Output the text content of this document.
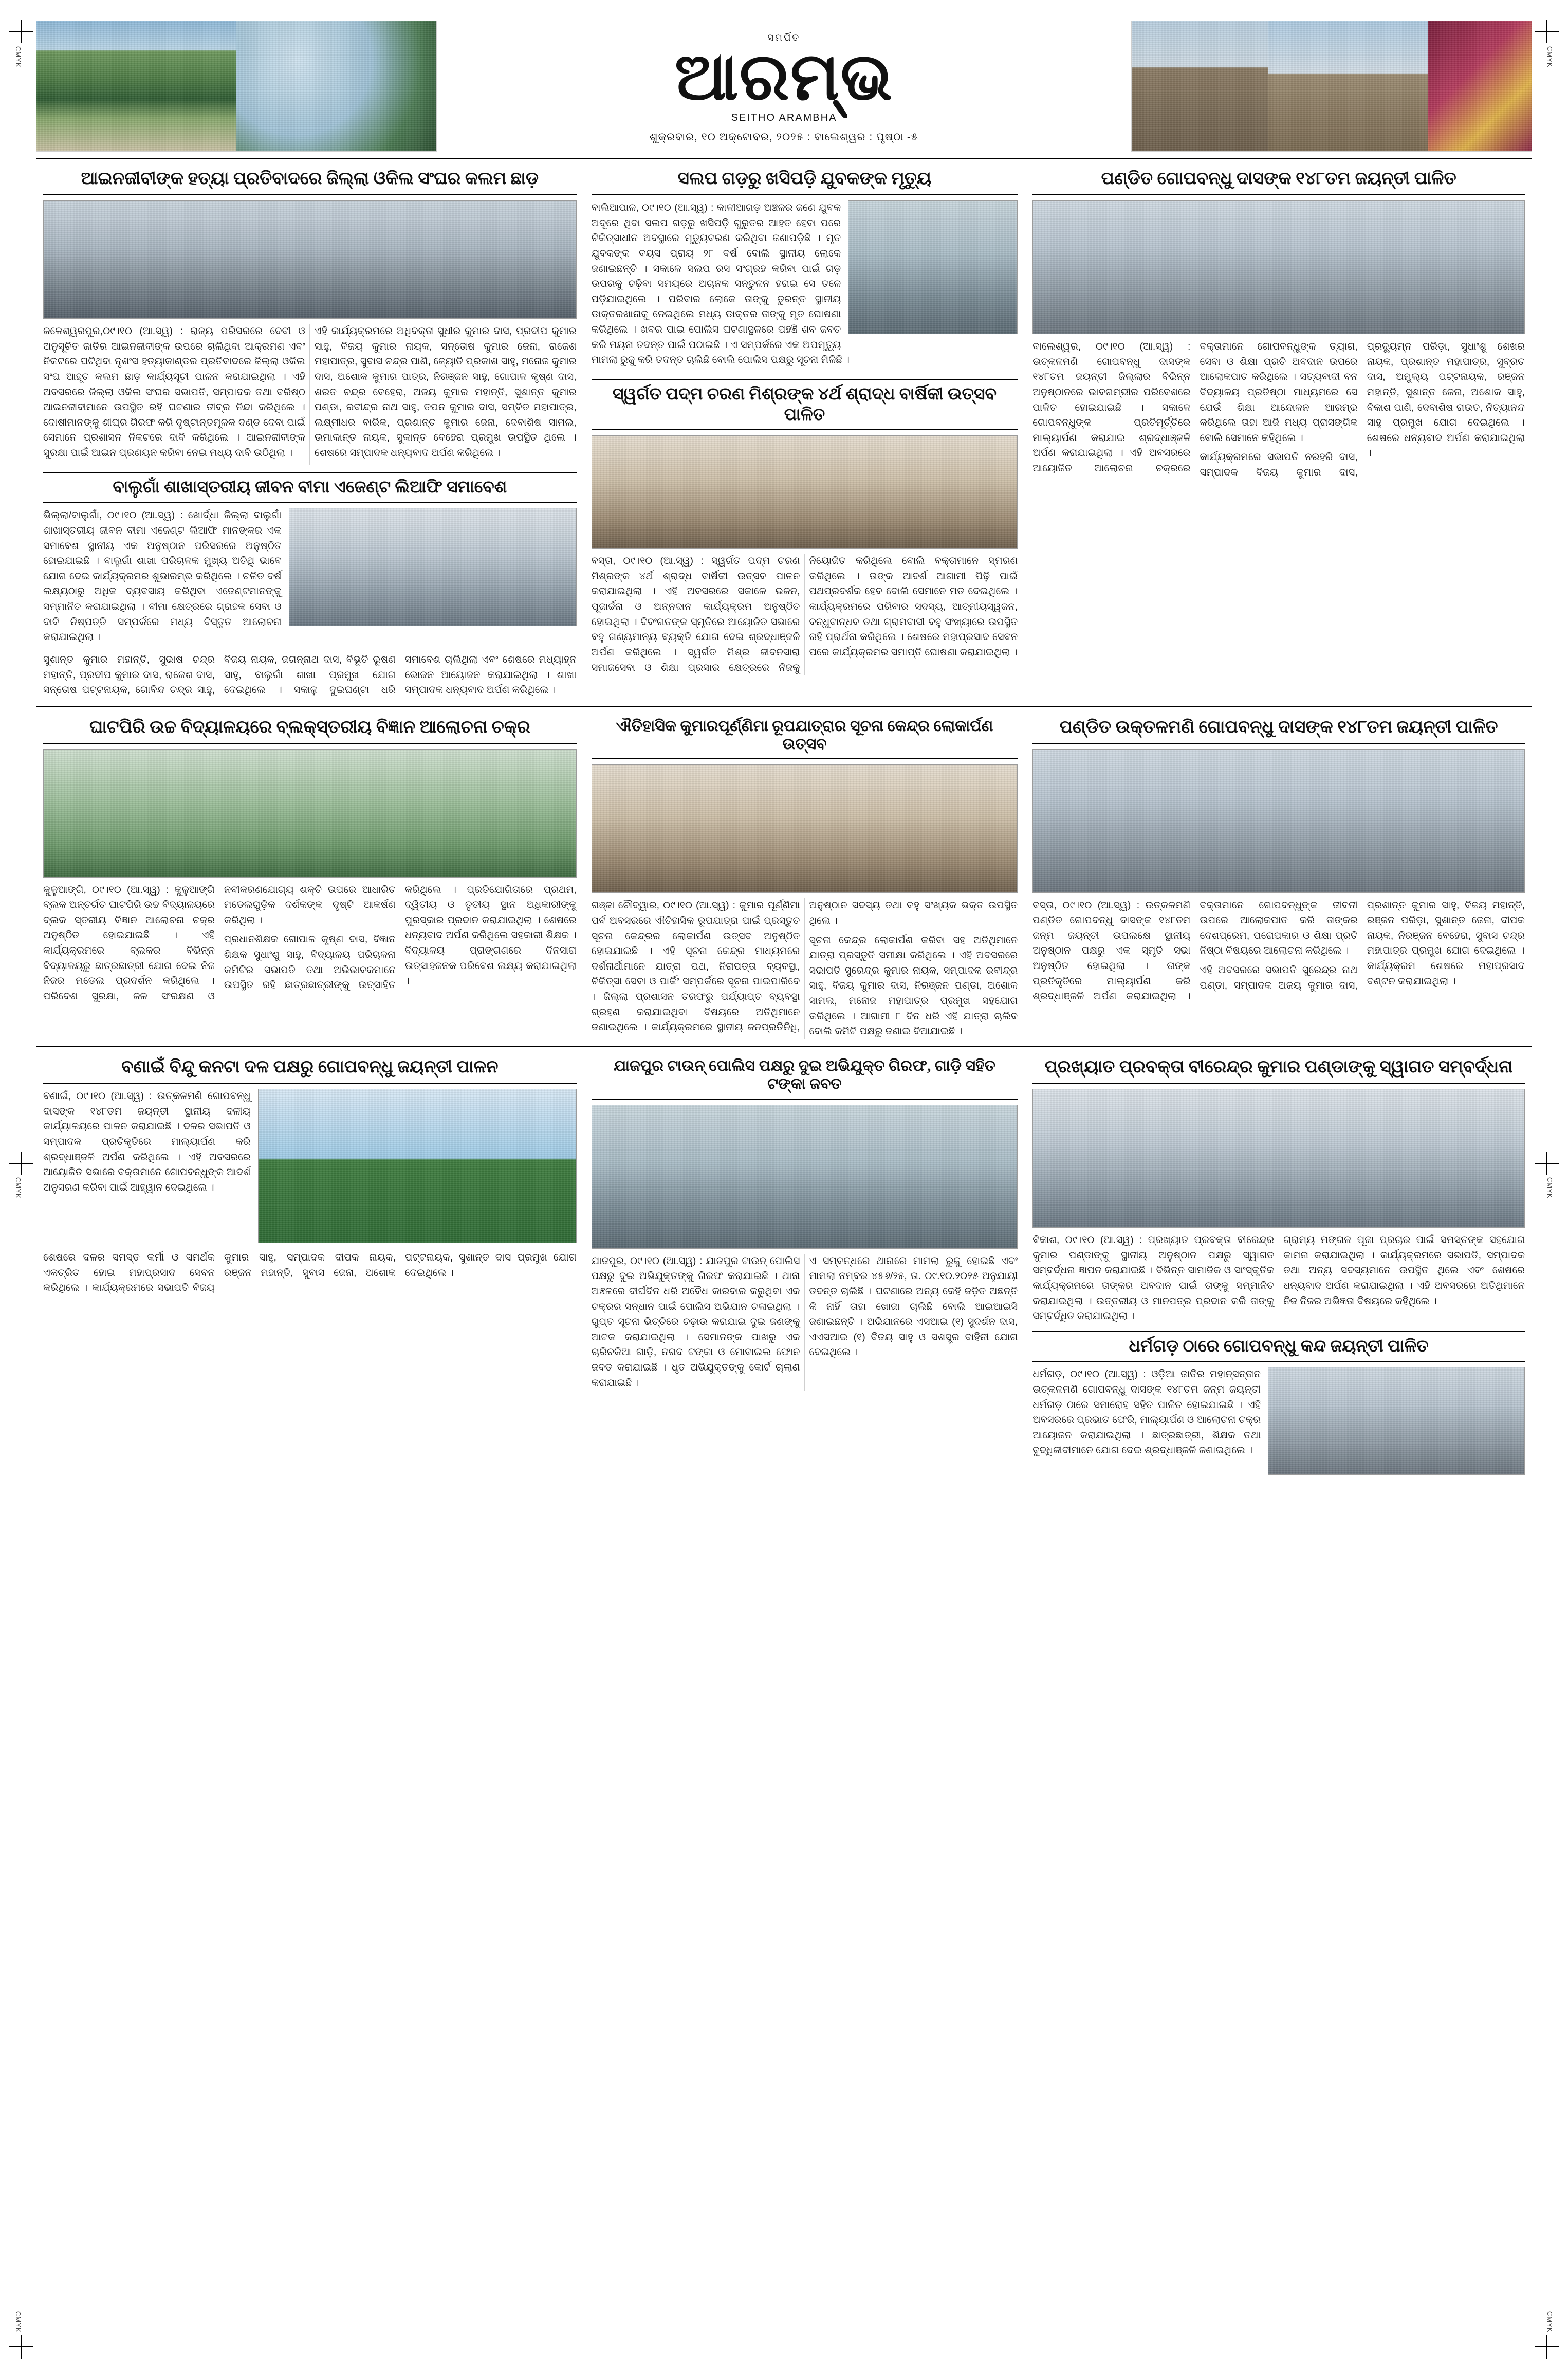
CMYK	CMYK
CMYK	CMYK
CMYK	CMYK
ସମର୍ପିତ
ଆରମ୍ଭ
SEITHO ARAMBHA
ଶୁକ୍ରବାର, ୧୦ ଅକ୍ଟୋବର, ୨୦୨୫ : ବାଲେଶ୍ୱର : ପୃଷ୍ଠା -୫
ଆଇନଜୀବୀଙ୍କ ହତ୍ୟା ପ୍ରତିବାଦରେ ଜିଲ୍ଲା ଓକିଲ ସଂଘର କଲମ ଛାଡ଼

ଜଳେଶ୍ୱରପୁର,୦୯।୧୦ (ଆ.ସ୍ୱ) : ରାଜ୍ୟ ପରିସରରେ ଦେବୀ ଓ ଅନୁସୂଚିତ ଜାତିର ଆଇନଜୀବୀଙ୍କ ଉପରେ ଚାଲିଥିବା ଆକ୍ରମଣ ଏବଂ ନିକଟରେ ଘଟିଥିବା ନୃଶଂସ ହତ୍ୟାକାଣ୍ଡର ପ୍ରତିବାଦରେ ଜିଲ୍ଲା ଓକିଲ ସଂଘ ଆହୂତ କଲମ ଛାଡ଼ କାର୍ଯ୍ୟସୂଚୀ ପାଳନ କରାଯାଇଥିଲା । ଏହି ଅବସରରେ ଜିଲ୍ଲା ଓକିଲ ସଂଘର ସଭାପତି, ସମ୍ପାଦକ ତଥା ବରିଷ୍ଠ ଆଇନଜୀବୀମାନେ ଉପସ୍ଥିତ ରହି ଘଟଣାର ତୀବ୍ର ନିନ୍ଦା କରିଥିଲେ । ଦୋଷୀମାନଙ୍କୁ ଶୀଘ୍ର ଗିରଫ କରି ଦୃଷ୍ଟାନ୍ତମୂଳକ ଦଣ୍ଡ ଦେବା ପାଇଁ ସେମାନେ ପ୍ରଶାସନ ନିକଟରେ ଦାବି କରିଥିଲେ । ଆଇନଜୀବୀଙ୍କ ସୁରକ୍ଷା ପାଇଁ ଆଇନ ପ୍ରଣୟନ କରିବା ନେଇ ମଧ୍ୟ ଦାବି ଉଠିଥିଲା ।

ଏହି କାର୍ଯ୍ୟକ୍ରମରେ ଅଧିବକ୍ତା ସୁଧୀର କୁମାର ଦାସ, ପ୍ରଦୀପ କୁମାର ସାହୁ, ବିଜୟ କୁମାର ନାୟକ, ସନ୍ତୋଷ କୁମାର ଜେନା, ରାଜେଶ ମହାପାତ୍ର, ସୁବାସ ଚନ୍ଦ୍ର ପାଣି, ଜ୍ୟୋତି ପ୍ରକାଶ ସାହୁ, ମନୋଜ କୁମାର ଦାସ, ଅଶୋକ କୁମାର ପାତ୍ର, ନିରଞ୍ଜନ ସାହୁ, ଗୋପାଳ କୃଷ୍ଣ ଦାସ, ଶରତ ଚନ୍ଦ୍ର ବେହେରା, ଅଜୟ କୁମାର ମହାନ୍ତି, ସୁଶାନ୍ତ କୁମାର ପଣ୍ଡା, ରବୀନ୍ଦ୍ର ନାଥ ସାହୁ, ତପନ କୁମାର ଦାସ, ସମ୍ବିତ ମହାପାତ୍ର, ଲକ୍ଷ୍ମୀଧର ବାରିକ, ପ୍ରଶାନ୍ତ କୁମାର ଜେନା, ଦେବାଶିଷ ସାମଲ, ଉମାକାନ୍ତ ନାୟକ, ସୁକାନ୍ତ ବେହେରା ପ୍ରମୁଖ ଉପସ୍ଥିତ ଥିଲେ । ଶେଷରେ ସମ୍ପାଦକ ଧନ୍ୟବାଦ ଅର୍ପଣ କରିଥିଲେ ।

ବାଲୁଗାଁ ଶାଖାସ୍ତରୀୟ ଜୀବନ ବୀମା ଏଜେଣ୍ଟ ଲିଆଫି ସମାବେଶ

ଭିଲ୍ଲା/ବାଲୁଗାଁ, ୦୯।୧୦ (ଆ.ସ୍ୱ) : ଖୋର୍ଦ୍ଧା ଜିଲ୍ଲା ବାଲୁଗାଁ ଶାଖାସ୍ତରୀୟ ଜୀବନ ବୀମା ଏଜେଣ୍ଟ ଲିଆଫି ମାନଙ୍କର ଏକ ସମାବେଶ ସ୍ଥାନୀୟ ଏକ ଅନୁଷ୍ଠାନ ପରିସରରେ ଅନୁଷ୍ଠିତ ହୋଇଯାଇଛି । ବାଲୁଗାଁ ଶାଖା ପରିଚାଳକ ମୁଖ୍ୟ ଅତିଥି ଭାବେ ଯୋଗ ଦେଇ କାର୍ଯ୍ୟକ୍ରମର ଶୁଭାରମ୍ଭ କରିଥିଲେ । ଚଳିତ ବର୍ଷ ଲକ୍ଷ୍ୟଠାରୁ ଅଧିକ ବ୍ୟବସାୟ କରିଥିବା ଏଜେଣ୍ଟମାନଙ୍କୁ ସମ୍ମାନିତ କରାଯାଇଥିଲା । ବୀମା କ୍ଷେତ୍ରରେ ଗ୍ରାହକ ସେବା ଓ ଦାବି ନିଷ୍ପତ୍ତି ସମ୍ପର୍କରେ ମଧ୍ୟ ବିସ୍ତୃତ ଆଲୋଚନା କରାଯାଇଥିଲା ।

ସୁଶାନ୍ତ କୁମାର ମହାନ୍ତି, ସୁଭାଷ ଚନ୍ଦ୍ର ମହାନ୍ତି, ପ୍ରଦୀପ କୁମାର ଦାସ, ରାଜେଶ ଦାସ, ସନ୍ତୋଷ ପଟ୍ଟନାୟକ, ଗୋବିନ୍ଦ ଚନ୍ଦ୍ର ସାହୁ, ବିଜୟ ନାୟକ, ଜଗନ୍ନାଥ ଦାସ, ବିଭୂତି ଭୂଷଣ ସାହୁ, ବାଲୁଗାଁ ଶାଖା ପ୍ରମୁଖ ଯୋଗ ଦେଇଥିଲେ । ସକାଳୁ ଦୁଇଘଣ୍ଟା ଧରି ସମାବେଶ ଚାଲିଥିଲା ଏବଂ ଶେଷରେ ମଧ୍ୟାହ୍ନ ଭୋଜନ ଆୟୋଜନ କରାଯାଇଥିଲା । ଶାଖା ସମ୍ପାଦକ ଧନ୍ୟବାଦ ଅର୍ପଣ କରିଥିଲେ ।

ସଲପ ଗଡ଼ରୁ ଖସିପଡ଼ି ଯୁବକଙ୍କ ମୃତ୍ୟୁ

ବାଲିଆପାଳ, ୦୯।୧୦ (ଆ.ସ୍ୱ) : କାଳୀଆଗଡ଼ ଅଞ୍ଚଳର ଜଣେ ଯୁବକ ଅଦୂରେ ଥିବା ସଲପ ଗଡ଼ରୁ ଖସିପଡ଼ି ଗୁରୁତର ଆହତ ହେବା ପରେ ଚିକିତ୍ସାଧୀନ ଅବସ୍ଥାରେ ମୃତ୍ୟୁବରଣ କରିଥିବା ଜଣାପଡ଼ିଛି । ମୃତ ଯୁବକଙ୍କ ବୟସ ପ୍ରାୟ ୨୮ ବର୍ଷ ବୋଲି ସ୍ଥାନୀୟ ଲୋକେ ଜଣାଇଛନ୍ତି । ସକାଳେ ସଲପ ରସ ସଂଗ୍ରହ କରିବା ପାଇଁ ଗଡ଼ ଉପରକୁ ଚଢ଼ିବା ସମୟରେ ଅଚାନକ ସନ୍ତୁଳନ ହରାଇ ସେ ତଳେ ପଡ଼ିଯାଇଥିଲେ । ପରିବାର ଲୋକେ ତାଙ୍କୁ ତୁରନ୍ତ ସ୍ଥାନୀୟ ଡାକ୍ତରଖାନାକୁ ନେଇଥିଲେ ମଧ୍ୟ ଡାକ୍ତର ତାଙ୍କୁ ମୃତ ଘୋଷଣା କରିଥିଲେ । ଖବର ପାଇ ପୋଲିସ ଘଟଣାସ୍ଥଳରେ ପହଞ୍ଚି ଶବ ଜବତ କରି ମୟନା ତଦନ୍ତ ପାଇଁ ପଠାଇଛି । ଏ ସମ୍ପର୍କରେ ଏକ ଅପମୃତ୍ୟୁ ମାମଲା ରୁଜୁ କରି ତଦନ୍ତ ଚାଲିଛି ବୋଲି ପୋଲିସ ପକ୍ଷରୁ ସୂଚନା ମିଳିଛି ।

ସ୍ୱର୍ଗତ ପଦ୍ମ ଚରଣ ମିଶ୍ରଙ୍କ ୪ର୍ଥ ଶ୍ରାଦ୍ଧ ବାର୍ଷିକୀ ଉତ୍ସବ ପାଳିତ

ବସ୍ତା, ୦୯।୧୦ (ଆ.ସ୍ୱ) : ସ୍ୱର୍ଗତ ପଦ୍ମ ଚରଣ ମିଶ୍ରଙ୍କ ୪ର୍ଥ ଶ୍ରାଦ୍ଧ ବାର୍ଷିକୀ ଉତ୍ସବ ପାଳନ କରାଯାଇଥିଲା । ଏହି ଅବସରରେ ସକାଳେ ଭଜନ, ପୂଜାର୍ଚ୍ଚନା ଓ ଅନ୍ନଦାନ କାର୍ଯ୍ୟକ୍ରମ ଅନୁଷ୍ଠିତ ହୋଇଥିଲା । ଦିବଂଗତଙ୍କ ସ୍ମୃତିରେ ଆୟୋଜିତ ସଭାରେ ବହୁ ଗଣ୍ୟମାନ୍ୟ ବ୍ୟକ୍ତି ଯୋଗ ଦେଇ ଶ୍ରଦ୍ଧାଞ୍ଜଳି ଅର୍ପଣ କରିଥିଲେ । ସ୍ୱର୍ଗତ ମିଶ୍ର ଜୀବନସାରା ସମାଜସେବା ଓ ଶିକ୍ଷା ପ୍ରସାର କ୍ଷେତ୍ରରେ ନିଜକୁ ନିୟୋଜିତ କରିଥିଲେ ବୋଲି ବକ୍ତାମାନେ ସ୍ମରଣ କରିଥିଲେ । ତାଙ୍କ ଆଦର୍ଶ ଆଗାମୀ ପିଢ଼ି ପାଇଁ ପଥପ୍ରଦର୍ଶକ ହେବ ବୋଲି ସେମାନେ ମତ ଦେଇଥିଲେ । କାର୍ଯ୍ୟକ୍ରମରେ ପରିବାର ସଦସ୍ୟ, ଆତ୍ମୀୟସ୍ୱଜନ, ବନ୍ଧୁବାନ୍ଧବ ତଥା ଗ୍ରାମବାସୀ ବହୁ ସଂଖ୍ୟାରେ ଉପସ୍ଥିତ ରହି ପ୍ରାର୍ଥନା କରିଥିଲେ । ଶେଷରେ ମହାପ୍ରସାଦ ସେବନ ପରେ କାର୍ଯ୍ୟକ୍ରମର ସମାପ୍ତି ଘୋଷଣା କରାଯାଇଥିଲା ।

ପଣ୍ଡିତ ଗୋପବନ୍ଧୁ ଦାସଙ୍କ ୧୪୮ତମ ଜୟନ୍ତୀ ପାଳିତ

ବାଲେଶ୍ୱର, ୦୯।୧୦ (ଆ.ସ୍ୱ) : ଉତ୍କଳମଣି ଗୋପବନ୍ଧୁ ଦାସଙ୍କ ୧୪୮ତମ ଜୟନ୍ତୀ ଜିଲ୍ଲାର ବିଭିନ୍ନ ଅନୁଷ୍ଠାନରେ ଭାବଗମ୍ଭୀର ପରିବେଶରେ ପାଳିତ ହୋଇଯାଇଛି । ସକାଳେ ଗୋପବନ୍ଧୁଙ୍କ ପ୍ରତିମୂର୍ତ୍ତିରେ ମାଲ୍ୟାର୍ପଣ କରାଯାଇ ଶ୍ରଦ୍ଧାଞ୍ଜଳି ଅର୍ପଣ କରାଯାଇଥିଲା । ଏହି ଅବସରରେ ଆୟୋଜିତ ଆଲୋଚନା ଚକ୍ରରେ ବକ୍ତାମାନେ ଗୋପବନ୍ଧୁଙ୍କ ତ୍ୟାଗ, ସେବା ଓ ଶିକ୍ଷା ପ୍ରତି ଅବଦାନ ଉପରେ ଆଲୋକପାତ କରିଥିଲେ । ସତ୍ୟବାଦୀ ବନ ବିଦ୍ୟାଳୟ ପ୍ରତିଷ୍ଠା ମାଧ୍ୟମରେ ସେ ଯେଉଁ ଶିକ୍ଷା ଆନ୍ଦୋଳନ ଆରମ୍ଭ କରିଥିଲେ ତାହା ଆଜି ମଧ୍ୟ ପ୍ରାସଙ୍ଗିକ ବୋଲି ସେମାନେ କହିଥିଲେ ।

କାର୍ଯ୍ୟକ୍ରମରେ ସଭାପତି ନରହରି ଦାସ, ସମ୍ପାଦକ ବିଜୟ କୁମାର ଦାସ, ପ୍ରଦ୍ୟୁମ୍ନ ପରିଡ଼ା, ସୁଧାଂଶୁ ଶେଖର ନାୟକ, ପ୍ରଶାନ୍ତ ମହାପାତ୍ର, ସୁବ୍ରତ ଦାସ, ଅମୁଲ୍ୟ ପଟ୍ଟନାୟକ, ରଞ୍ଜନ ମହାନ୍ତି, ସୁଶାନ୍ତ ଜେନା, ଅଶୋକ ସାହୁ, ବିକାଶ ପାଣି, ଦେବାଶିଷ ରାଉତ, ନିତ୍ୟାନନ୍ଦ ସାହୁ ପ୍ରମୁଖ ଯୋଗ ଦେଇଥିଲେ । ଶେଷରେ ଧନ୍ୟବାଦ ଅର୍ପଣ କରାଯାଇଥିଲା ।

ଘାଟପିରି ଉଚ୍ଚ ବିଦ୍ୟାଳୟରେ ବ୍ଲକ୍‌ସ୍ତରୀୟ ବିଜ୍ଞାନ ଆଲୋଚନା ଚକ୍ର

କୁଳୁଆଙ୍ଗି, ୦୯।୧୦ (ଆ.ସ୍ୱ) : କୁଳୁଆଙ୍ଗି ବ୍ଲକ ଅନ୍ତର୍ଗତ ଘାଟପିରି ଉଚ୍ଚ ବିଦ୍ୟାଳୟରେ ବ୍ଲକ ସ୍ତରୀୟ ବିଜ୍ଞାନ ଆଲୋଚନା ଚକ୍ର ଅନୁଷ୍ଠିତ ହୋଇଯାଇଛି । ଏହି କାର୍ଯ୍ୟକ୍ରମରେ ବ୍ଲକର ବିଭିନ୍ନ ବିଦ୍ୟାଳୟରୁ ଛାତ୍ରଛାତ୍ରୀ ଯୋଗ ଦେଇ ନିଜ ନିଜର ମଡେଲ ପ୍ରଦର୍ଶନ କରିଥିଲେ । ପରିବେଶ ସୁରକ୍ଷା, ଜଳ ସଂରକ୍ଷଣ ଓ ନବୀକରଣଯୋଗ୍ୟ ଶକ୍ତି ଉପରେ ଆଧାରିତ ମଡେଲଗୁଡ଼ିକ ଦର୍ଶକଙ୍କ ଦୃଷ୍ଟି ଆକର୍ଷଣ କରିଥିଲା ।

ପ୍ରଧାନଶିକ୍ଷକ ଗୋପାଳ କୃଷ୍ଣ ଦାସ, ବିଜ୍ଞାନ ଶିକ୍ଷକ ସୁଧାଂଶୁ ସାହୁ, ବିଦ୍ୟାଳୟ ପରିଚାଳନା କମିଟିର ସଭାପତି ତଥା ଅଭିଭାବକମାନେ ଉପସ୍ଥିତ ରହି ଛାତ୍ରଛାତ୍ରୀଙ୍କୁ ଉତ୍ସାହିତ କରିଥିଲେ । ପ୍ରତିଯୋଗିତାରେ ପ୍ରଥମ, ଦ୍ୱିତୀୟ ଓ ତୃତୀୟ ସ୍ଥାନ ଅଧିକାରୀଙ୍କୁ ପୁରସ୍କାର ପ୍ରଦାନ କରାଯାଇଥିଲା । ଶେଷରେ ଧନ୍ୟବାଦ ଅର୍ପଣ କରିଥିଲେ ସହକାରୀ ଶିକ୍ଷକ । ବିଦ୍ୟାଳୟ ପ୍ରାଙ୍ଗଣରେ ଦିନସାରା ଉତ୍ସାହଜନକ ପରିବେଶ ଲକ୍ଷ୍ୟ କରାଯାଇଥିଲା ।

ଐତିହାସିକ କୁମାରପୂର୍ଣ୍ଣିମା ରୂପଯାତ୍ରାର ସୂଚନା କେନ୍ଦ୍ର ଲୋକାର୍ପଣ ଉତ୍ସବ

ଗଞ୍ଜା ଚୌଦ୍ୱାର, ୦୯।୧୦ (ଆ.ସ୍ୱ) : କୁମାର ପୂର୍ଣ୍ଣିମା ପର୍ବ ଅବସରରେ ଐତିହାସିକ ରୂପଯାତ୍ରା ପାଇଁ ପ୍ରସ୍ତୁତ ସୂଚନା କେନ୍ଦ୍ରର ଲୋକାର୍ପଣ ଉତ୍ସବ ଅନୁଷ୍ଠିତ ହୋଇଯାଇଛି । ଏହି ସୂଚନା କେନ୍ଦ୍ର ମାଧ୍ୟମରେ ଦର୍ଶନାର୍ଥୀମାନେ ଯାତ୍ରା ପଥ, ନିରାପତ୍ତା ବ୍ୟବସ୍ଥା, ଚିକିତ୍ସା ସେବା ଓ ପାର୍କିଂ ସମ୍ପର୍କରେ ସୂଚନା ପାଇପାରିବେ । ଜିଲ୍ଲା ପ୍ରଶାସନ ତରଫରୁ ପର୍ଯ୍ୟାପ୍ତ ବ୍ୟବସ୍ଥା ଗ୍ରହଣ କରାଯାଇଥିବା ବିଷୟରେ ଅତିଥିମାନେ ଜଣାଇଥିଲେ । କାର୍ଯ୍ୟକ୍ରମରେ ସ୍ଥାନୀୟ ଜନପ୍ରତିନିଧି, ଅନୁଷ୍ଠାନ ସଦସ୍ୟ ତଥା ବହୁ ସଂଖ୍ୟକ ଭକ୍ତ ଉପସ୍ଥିତ ଥିଲେ ।

ସୂଚନା କେନ୍ଦ୍ର ଲୋକାର୍ପଣ କରିବା ସହ ଅତିଥିମାନେ ଯାତ୍ରା ପ୍ରସ୍ତୁତି ସମୀକ୍ଷା କରିଥିଲେ । ଏହି ଅବସରରେ ସଭାପତି ସୁରେନ୍ଦ୍ର କୁମାର ନାୟକ, ସମ୍ପାଦକ ରବୀନ୍ଦ୍ର ସାହୁ, ବିଜୟ କୁମାର ଦାସ, ନିରଞ୍ଜନ ପଣ୍ଡା, ଅଶୋକ ସାମଲ, ମନୋଜ ମହାପାତ୍ର ପ୍ରମୁଖ ସହଯୋଗ କରିଥିଲେ । ଆଗାମୀ ୮ ଦିନ ଧରି ଏହି ଯାତ୍ରା ଚାଲିବ ବୋଲି କମିଟି ପକ୍ଷରୁ ଜଣାଇ ଦିଆଯାଇଛି ।

ପଣ୍ଡିତ ଉକ୍ତଳମଣି ଗୋପବନ୍ଧୁ ଦାସଙ୍କ ୧୪୮ତମ ଜୟନ୍ତୀ ପାଳିତ

ବସ୍ତା, ୦୯।୧୦ (ଆ.ସ୍ୱ) : ଉତ୍କଳମଣି ପଣ୍ଡିତ ଗୋପବନ୍ଧୁ ଦାସଙ୍କ ୧୪୮ତମ ଜନ୍ମ ଜୟନ୍ତୀ ଉପଲକ୍ଷେ ସ୍ଥାନୀୟ ଅନୁଷ୍ଠାନ ପକ୍ଷରୁ ଏକ ସ୍ମୃତି ସଭା ଅନୁଷ୍ଠିତ ହୋଇଥିଲା । ତାଙ୍କ ପ୍ରତିକୃତିରେ ମାଲ୍ୟାର୍ପଣ କରି ଶ୍ରଦ୍ଧାଞ୍ଜଳି ଅର୍ପଣ କରାଯାଇଥିଲା । ବକ୍ତାମାନେ ଗୋପବନ୍ଧୁଙ୍କ ଜୀବନୀ ଉପରେ ଆଲୋକପାତ କରି ତାଙ୍କର ଦେଶପ୍ରେମ, ପରୋପକାର ଓ ଶିକ୍ଷା ପ୍ରତି ନିଷ୍ଠା ବିଷୟରେ ଆଲୋଚନା କରିଥିଲେ ।

ଏହି ଅବସରରେ ସଭାପତି ସୁରେନ୍ଦ୍ର ନାଥ ପଣ୍ଡା, ସମ୍ପାଦକ ଅଜୟ କୁମାର ଦାସ, ପ୍ରଶାନ୍ତ କୁମାର ସାହୁ, ବିଜୟ ମହାନ୍ତି, ରଞ୍ଜନ ପରିଡ଼ା, ସୁଶାନ୍ତ ଜେନା, ଦୀପକ ନାୟକ, ନିରଞ୍ଜନ ବେହେରା, ସୁବାସ ଚନ୍ଦ୍ର ମହାପାତ୍ର ପ୍ରମୁଖ ଯୋଗ ଦେଇଥିଲେ । କାର୍ଯ୍ୟକ୍ରମ ଶେଷରେ ମହାପ୍ରସାଦ ବଣ୍ଟନ କରାଯାଇଥିଲା ।

ବଣାଇଁ ବିନ୍ଦୁ କନଟା ଦଳ ପକ୍ଷରୁ ଗୋପବନ୍ଧୁ ଜୟନ୍ତୀ ପାଳନ

ବଣାଇଁ, ୦୯।୧୦ (ଆ.ସ୍ୱ) : ଉତ୍କଳମଣି ଗୋପବନ୍ଧୁ ଦାସଙ୍କ ୧୪୮ତମ ଜୟନ୍ତୀ ସ୍ଥାନୀୟ ଦଳୀୟ କାର୍ଯ୍ୟାଳୟରେ ପାଳନ କରାଯାଇଛି । ଦଳର ସଭାପତି ଓ ସମ୍ପାଦକ ପ୍ରତିକୃତିରେ ମାଲ୍ୟାର୍ପଣ କରି ଶ୍ରଦ୍ଧାଞ୍ଜଳି ଅର୍ପଣ କରିଥିଲେ । ଏହି ଅବସରରେ ଆୟୋଜିତ ସଭାରେ ବକ୍ତାମାନେ ଗୋପବନ୍ଧୁଙ୍କ ଆଦର୍ଶ ଅନୁସରଣ କରିବା ପାଇଁ ଆହ୍ୱାନ ଦେଇଥିଲେ ।

ଶେଷରେ ଦଳର ସମସ୍ତ କର୍ମୀ ଓ ସମର୍ଥକ ଏକତ୍ରିତ ହୋଇ ମହାପ୍ରସାଦ ସେବନ କରିଥିଲେ । କାର୍ଯ୍ୟକ୍ରମରେ ସଭାପତି ବିଜୟ କୁମାର ସାହୁ, ସମ୍ପାଦକ ଦୀପକ ନାୟକ, ରଞ୍ଜନ ମହାନ୍ତି, ସୁବାସ ଜେନା, ଅଶୋକ ପଟ୍ଟନାୟକ, ସୁଶାନ୍ତ ଦାସ ପ୍ରମୁଖ ଯୋଗ ଦେଇଥିଲେ ।

ଯାଜପୁର ଟାଉନ୍‌ ପୋଲିସ ପକ୍ଷରୁ ଦୁଇ ଅଭିଯୁକ୍ତ ଗିରଫ, ଗାଡ଼ି ସହିତ ଟଙ୍କା ଜବତ

ଯାଜପୁର, ୦୯।୧୦ (ଆ.ସ୍ୱ) : ଯାଜପୁର ଟାଉନ୍ ପୋଲିସ ପକ୍ଷରୁ ଦୁଇ ଅଭିଯୁକ୍ତଙ୍କୁ ଗିରଫ କରାଯାଇଛି । ଥାନା ଅଞ୍ଚଳରେ ଦୀର୍ଘଦିନ ଧରି ଅବୈଧ କାରବାର କରୁଥିବା ଏକ ଚକ୍ରର ସନ୍ଧାନ ପାଇଁ ପୋଲିସ ଅଭିଯାନ ଚଳାଇଥିଲା । ଗୁପ୍ତ ସୂଚନା ଭିତ୍ତିରେ ଚଢ଼ାଉ କରାଯାଇ ଦୁଇ ଜଣଙ୍କୁ ଆଟକ କରାଯାଇଥିଲା । ସେମାନଙ୍କ ପାଖରୁ ଏକ ଚାରିଚକିଆ ଗାଡ଼ି, ନଗଦ ଟଙ୍କା ଓ ମୋବାଇଲ ଫୋନ ଜବତ କରାଯାଇଛି । ଧୃତ ଅଭିଯୁକ୍ତଙ୍କୁ କୋର୍ଟ ଚାଲାଣ କରାଯାଇଛି ।

ଏ ସମ୍ବନ୍ଧରେ ଥାନାରେ ମାମଲା ରୁଜୁ ହୋଇଛି ଏବଂ ମାମଲା ନମ୍ବର ୪୫୬/୨୫, ତା. ୦୯.୧୦.୨୦୨୫ ଅନୁଯାୟୀ ତଦନ୍ତ ଚାଲିଛି । ଘଟଣାରେ ଅନ୍ୟ କେହି ଜଡ଼ିତ ଅଛନ୍ତି କି ନାହିଁ ତାହା ଖୋଜା ଚାଲିଛି ବୋଲି ଆଇଆଇସି ଜଣାଇଛନ୍ତି । ଅଭିଯାନରେ ଏସଆଇ (୧) ସୁଦର୍ଶନ ଦାସ, ଏଏସଆଇ (୧) ବିଜୟ ସାହୁ ଓ ସଶସ୍ତ୍ର ବାହିନୀ ଯୋଗ ଦେଇଥିଲେ ।

ପ୍ରଖ୍ୟାତ ପ୍ରବକ୍ତା ବୀରେନ୍ଦ୍ର କୁମାର ପଣ୍ଡାଙ୍କୁ ସ୍ୱାଗତ ସମ୍ବର୍ଦ୍ଧନା

ବିକାଶ, ୦୯।୧୦ (ଆ.ସ୍ୱ) : ପ୍ରଖ୍ୟାତ ପ୍ରବକ୍ତା ବୀରେନ୍ଦ୍ର କୁମାର ପଣ୍ଡାଙ୍କୁ ସ୍ଥାନୀୟ ଅନୁଷ୍ଠାନ ପକ୍ଷରୁ ସ୍ୱାଗତ ସମ୍ବର୍ଦ୍ଧନା ଜ୍ଞାପନ କରାଯାଇଛି । ବିଭିନ୍ନ ସାମାଜିକ ଓ ସାଂସ୍କୃତିକ କାର୍ଯ୍ୟକ୍ରମରେ ତାଙ୍କର ଅବଦାନ ପାଇଁ ତାଙ୍କୁ ସମ୍ମାନିତ କରାଯାଇଥିଲା । ଉତ୍ତରୀୟ ଓ ମାନପତ୍ର ପ୍ରଦାନ କରି ତାଙ୍କୁ ସମ୍ବର୍ଦ୍ଧିତ କରାଯାଇଥିଲା ।

ଗ୍ରାମ୍ୟ ମଙ୍ଗଳ ପୂଜା ପ୍ରଚାର ପାଇଁ ସମସ୍ତଙ୍କ ସହଯୋଗ କାମନା କରାଯାଇଥିଲା । କାର୍ଯ୍ୟକ୍ରମରେ ସଭାପତି, ସମ୍ପାଦକ ତଥା ଅନ୍ୟ ସଦସ୍ୟମାନେ ଉପସ୍ଥିତ ଥିଲେ ଏବଂ ଶେଷରେ ଧନ୍ୟବାଦ ଅର୍ପଣ କରାଯାଇଥିଲା । ଏହି ଅବସରରେ ଅତିଥିମାନେ ନିଜ ନିଜର ଅଭିଜ୍ଞତା ବିଷୟରେ କହିଥିଲେ ।

ଧର୍ମଗଡ଼ ଠାରେ ଗୋପବନ୍ଧୁ କନ୍ଦ ଜୟନ୍ତୀ ପାଳିତ

ଧର୍ମଗଡ଼, ୦୯।୧୦ (ଆ.ସ୍ୱ) : ଓଡ଼ିଆ ଜାତିର ମହାନ୍‌ସନ୍ତାନ ଉତ୍କଳମଣି ଗୋପବନ୍ଧୁ ଦାସଙ୍କ ୧୪୮ତମ ଜନ୍ମ ଜୟନ୍ତୀ ଧର୍ମଗଡ଼ ଠାରେ ସମାରୋହ ସହିତ ପାଳିତ ହୋଇଯାଇଛି । ଏହି ଅବସରରେ ପ୍ରଭାତ ଫେରି, ମାଲ୍ୟାର୍ପଣ ଓ ଆଲୋଚନା ଚକ୍ର ଆୟୋଜନ କରାଯାଇଥିଲା । ଛାତ୍ରଛାତ୍ରୀ, ଶିକ୍ଷକ ତଥା ବୁଦ୍ଧିଜୀବୀମାନେ ଯୋଗ ଦେଇ ଶ୍ରଦ୍ଧାଞ୍ଜଳି ଜଣାଇଥିଲେ ।
